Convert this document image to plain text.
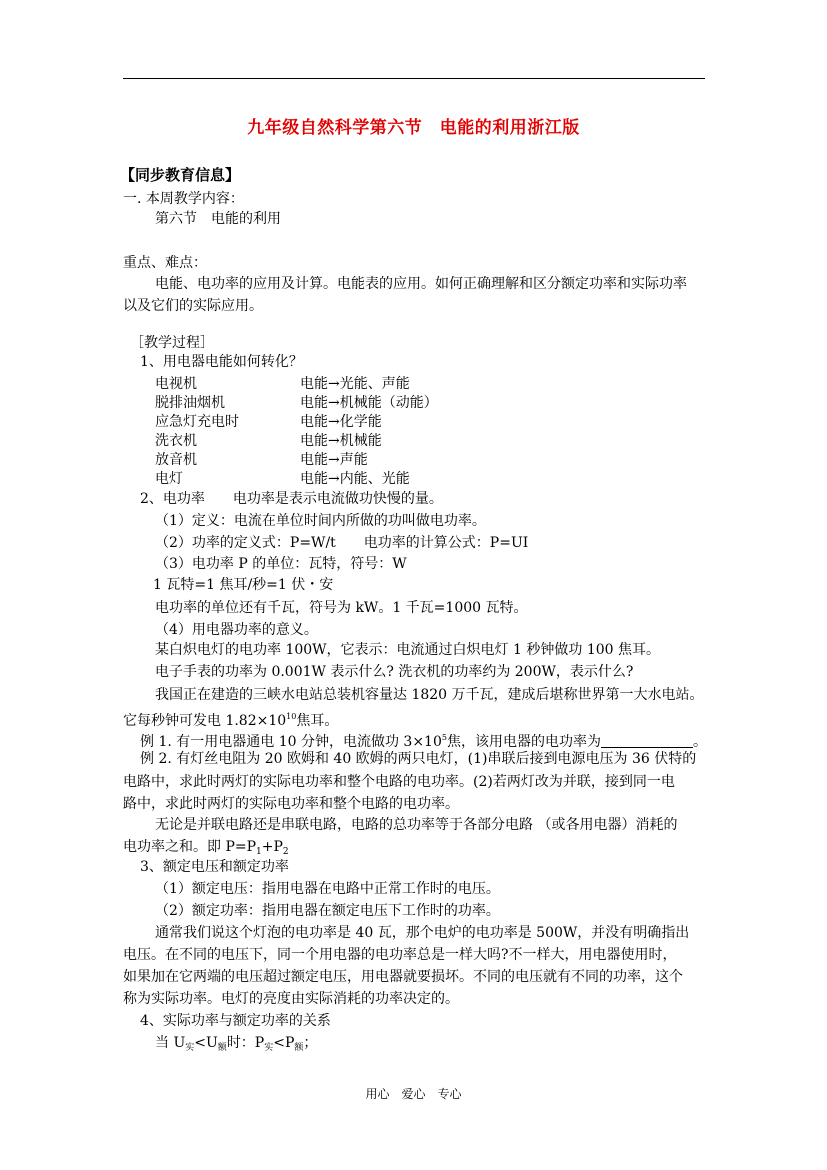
九年级自然科学第六节　电能的利用浙江版
【同步教育信息】
一. 本周教学内容：
第六节　电能的利用
重点、难点：
电能、电功率的应用及计算。电能表的应用。如何正确理解和区分额定功率和实际功率
以及它们的实际应用。
［教学过程］
1、用电器电能如何转化？
电视机	电能→光能、声能
脱排油烟机	电能→机械能（动能）
应急灯充电时	电能→化学能
洗衣机	电能→机械能
放音机	电能→声能
电灯	电能→内能、光能
2、电功率　　电功率是表示电流做功快慢的量。
（1）定义：电流在单位时间内所做的功叫做电功率。
（2）功率的定义式：P=W/t　　电功率的计算公式：P=UI
（3）电功率 P 的单位：瓦特，符号：W
1 瓦特=1 焦耳/秒=1 伏・安
电功率的单位还有千瓦，符号为 kW。1 千瓦=1000 瓦特。
（4）用电器功率的意义。
某白炽电灯的电功率 100W，它表示：电流通过白炽电灯 1 秒钟做功 100 焦耳。
电子手表的功率为 0.001W 表示什么? 洗衣机的功率约为 200W，表示什么?
我国正在建造的三峡水电站总装机容量达 1820 万千瓦，建成后堪称世界第一大水电站。
它每秒钟可发电 $1.82\times 10^{10}$焦耳。
例 1. 有一用电器通电 10 分钟，电流做功 $3\times 10^5$焦，该用电器的电功率为	。
例 2. 有灯丝电阻为 20 欧姆和 40 欧姆的两只电灯，(1)串联后接到电源电压为 36 伏特的
电路中，求此时两灯的实际电功率和整个电路的电功率。(2)若两灯改为并联，接到同一电
路中，求此时两灯的实际电功率和整个电路的电功率。
无论是并联电路还是串联电路，电路的总功率等于各部分电路 （或各用电器）消耗的
电功率之和。即 $P=P_1+P_2$
3、额定电压和额定功率
（1）额定电压：指用电器在电路中正常工作时的电压。
（2）额定功率：指用电器在额定电压下工作时的功率。
通常我们说这个灯泡的电功率是 40 瓦，那个电炉的电功率是 500W，并没有明确指出
电压。在不同的电压下，同一个用电器的电功率总是一样大吗?不一样大，用电器使用时，
如果加在它两端的电压超过额定电压，用电器就要损坏。不同的电压就有不同的功率，这个
称为实际功率。电灯的亮度由实际消耗的功率决定的。
4、实际功率与额定功率的关系
当 $U_实<U_额$时：$P_实<P_额$；
用心　爱心　专心
